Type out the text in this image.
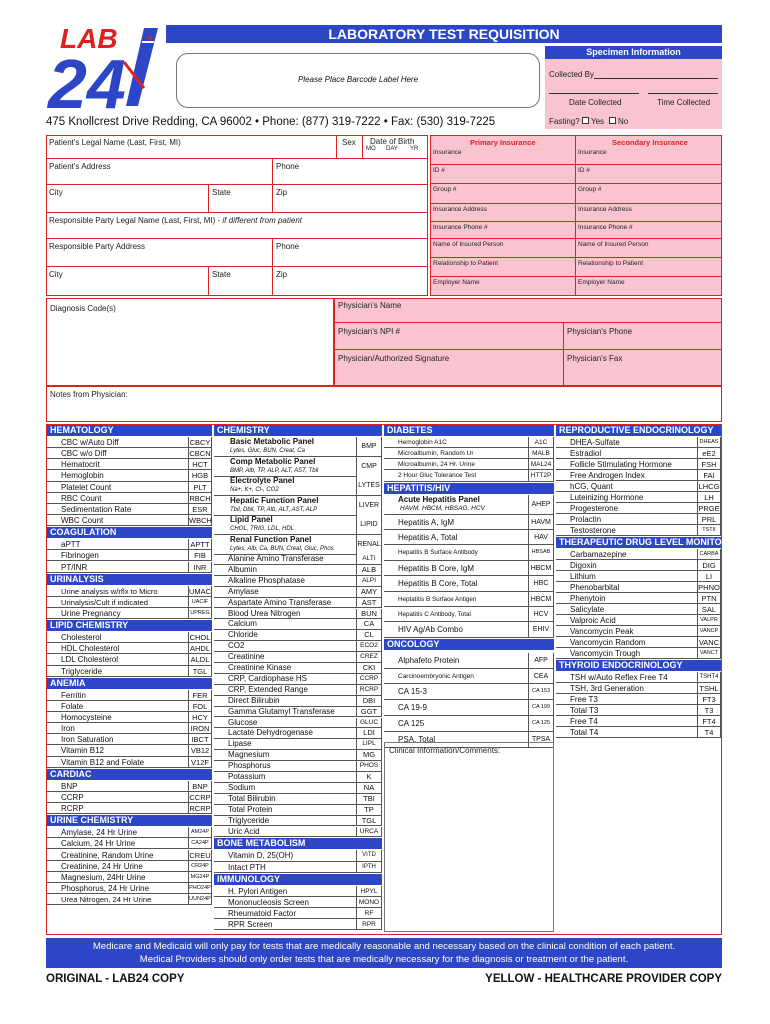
LAB
24
LABORATORY TEST REQUISITION
Please Place Barcode Label Here
Specimen Information
Collected By
Date Collected	Time Collected
Fasting? Yes No
475 Knollcrest Drive Redding, CA 96002 • Phone: (877) 319-7222 • Fax: (530) 319-7225
Patient's Legal Name (Last, First, MI)	Sex Date of Birth
MO DAY YR
Patient's Address	Phone
City	State	Zip
Responsible Party Legal Name (Last, First, MI) - if different from patient
Responsible Party Address	Phone
City	State	Zip
Primary Insurance	Secondary Insurance
Insurance	Insurance
ID #	ID #
Group #	Group #
Insurance Address	Insurance Address
Insurance Phone #	Insurance Phone #
Name of Insured Person	Name of Insured Person
Relationship to Patient	Relationship to Patient
Employer Name	Employer Name
Diagnosis Code(s)	Physician's Name
Physician's NPI #	Physician's Phone
Physician/Authorized Signature	Physician's Fax
Notes from Physician:
HEMATOLOGY
CBC w/Auto Diff	CBCY
CBC w/o Diff	CBCN
Hematocrit	HCT
Hemoglobin	HGB
Platelet Count	PLT
RBC Count	RBCH
Sedimentation Rate	ESR
WBC Count	WBCH
COAGULATION
aPTT	APTT
Fibrinogen	FIB
PT/INR	INR
URINALYSIS
Urine analysis w/rflx to Micro	UMAC
Urinalysis/Cult if indicated	UACIF
Urine Pregnancy	UPREG
LIPID CHEMISTRY
Cholesterol	CHOL
HDL Cholesterol	AHDL
LDL Cholesterol	ALDL
Triglyceride	TGL
ANEMIA
Ferritin	FER
Folate	FOL
Homocysteine	HCY
Iron	IRON
Iron Saturation	IBCT
Vitamin B12	VB12
Vitamin B12 and Folate	V12F
CARDIAC
BNP	BNP
CCRP	CCRP
RCRP	RCRP
URINE CHEMISTRY
Amylase, 24 Hr Urine	AM24P
Calcium, 24 Hr Urine	CA24P
Creatinine, Random Urine	CREU
Creatinine, 24 Hr Urine	CR24P
Magnesium, 24Hr Urine	MG24P
Phosphorus, 24 Hr Urine	PHO24P
Urea Nitrogen, 24 Hr Urine	UUN24P
CHEMISTRY
Basic Metabolic Panel
Lytes, Gluc, BUN, Creat, Ca
BMP
Comp Metabolic Panel
BMP, Alb, TP, ALP, ALT, AST, Tbil
CMP
Electrolyte Panel
Na+, K+, Cl-, CO2
LYTES
Hepatic Function Panel
Tbil, Dbil, TP, Alb, ALT, AST, ALP
LIVER
Lipid Panel
CHOL, TRIG, LDL, HDL
LIPID
Renal Function Panel
Lytes, Alb, Ca, BUN, Creat, Gluc, Phos
RENAL
Alanine Amino Transferase	ALTI
Albumin	ALB
Alkaline Phosphatase	ALPI
Amylase	AMY
Aspartate Amino Transferase	AST
Blood Urea Nitrogen	BUN
Calcium	CA
Chloride	CL
CO2	ECO2
Creatinine	CREZ
Creatinine Kinase	CKI
CRP, Cardiophase HS	CCRP
CRP, Extended Range	RCRP
Direct Bilirubin	DBI
Gamma Glutamyl Transferase	GGT
Glucose	GLUC
Lactate Dehydrogenase	LDI
Lipase	LIPL
Magnesium	MG
Phosphorus	PHOS
Potassium	K
Sodium	NA
Total Bilirubin	TBI
Total Protein	TP
Triglyceride	TGL
Uric Acid	URCA
BONE METABOLISM
Vitamin D, 25(OH)	VITD
Intact PTH	IPTH
IMMUNOLOGY
H. Pylori Antigen	HPYL
Mononucleosis Screen	MONO
Rheumatoid Factor	RF
RPR Screen	RPR
DIABETES
Hemoglobin A1C	A1C
Microalbumin, Random Ur	MALB
Microalbumin, 24 Hr. Urine	MAL24
2 Hour Gluc Tolerance Test	HTT2P
HEPATITIS/HIV
Acute Hepatitis Panel
HAVM, HBCM, HBSAG, HCV
AHEP
Hepatitis A, IgM	HAVM
Hepatitis A, Total	HAV
Hepatitis B Surface Antibody	HBSAB
Hepatitis B Core, IgM	HBCM
Hepatitis B Core, Total	HBC
Heptatitis B Surface Antigen	HBCM
Hepatitis C Antibody, Total	HCV
HIV Ag/Ab Combo	EHIV
ONCOLOGY
Alphafeto Protein	AFP
Carcinoembryonic Antigen	CEA
CA 15-3	CA 153
CA 19-9	CA 199
CA 125	CA 125
PSA, Total	TPSA
REPRODUCTIVE ENDOCRINOLOGY
DHEA-Sulfate	DHEAS
Estradiol	eE2
Follicle Stimulating Hormone	FSH
Free Androgen Index	FAI
hCG, Quant	LHCG
Luteinizing Hormone	LH
Progesterone	PRGE
Prolactin	PRL
Testosterone	TSTII
THERAPEUTIC DRUG LEVEL MONITORING
Carbamazepine	CARBA
Digoxin	DIG
Lithium	LI
Phenobarbital	PHNO
Phenytoin	PTN
Salicylate	SAL
Valproic Acid	VALPR
Vancomycin Peak	VANCP
Vancomycin Random	VANC
Vancomycin Trough	VANCT
THYROID ENDOCRINOLOGY
TSH w/Auto Reflex Free T4	TSHT4
TSH, 3rd Generation	TSHL
Free T3	FT3
Total T3	T3
Free T4	FT4
Total T4	T4
Clinical Information/Comments:
Medicare and Medicaid will only pay for tests that are medically reasonable and necessary based on the clinical condition of each patient.
Medical Providers should only order tests that are medically necessary for the diagnosis or treatment or the patient.
ORIGINAL - LAB24 COPY	YELLOW - HEALTHCARE PROVIDER COPY
